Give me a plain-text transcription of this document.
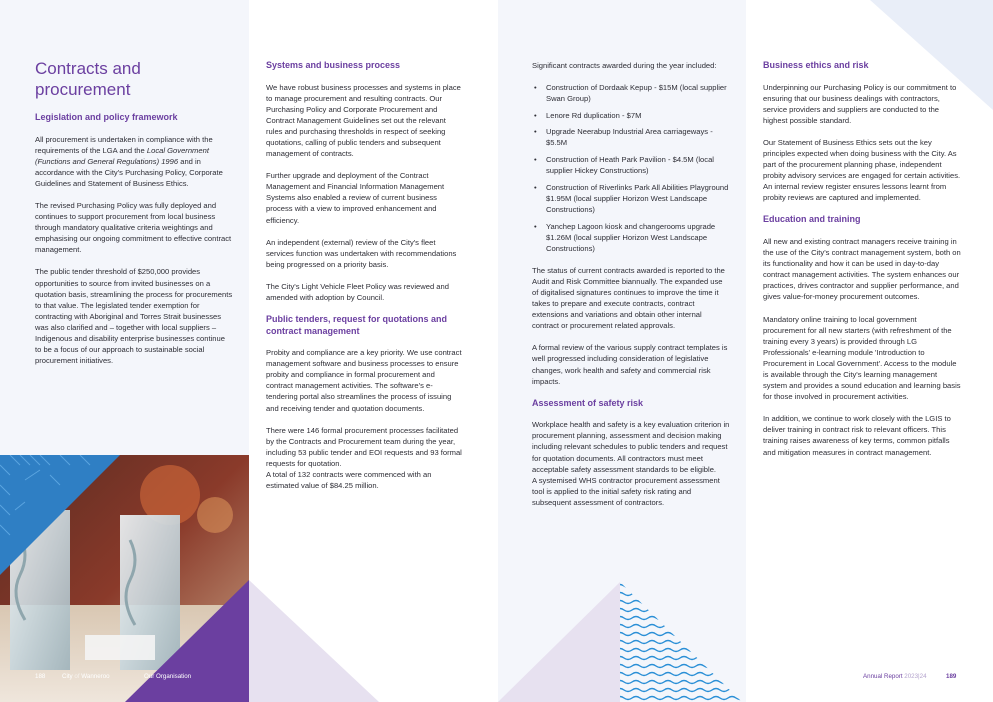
Contracts and procurement
Legislation and policy framework

All procurement is undertaken in compliance with the requirements of the LGA and the Local Government (Functions and General Regulations) 1996 and in accordance with the City's Purchasing Policy, Corporate Guidelines and Statement of Business Ethics.

The revised Purchasing Policy was fully deployed and continues to support procurement from local business through mandatory qualitative criteria weightings and emphasising our ongoing commitment to effective contract management.

The public tender threshold of $250,000 provides opportunities to source from invited businesses on a quotation basis, streamlining the process for procurements to that value. The legislated tender exemption for contracting with Aboriginal and Torres Strait businesses was also clarified and – together with local suppliers – Indigenous and disability enterprise businesses continue to be a focus of our approach to sustainable social procurement initiatives.

Systems and business process

We have robust business processes and systems in place to manage procurement and resulting contracts. Our Purchasing Policy and Corporate Procurement and Contract Management Guidelines set out the relevant rules and purchasing thresholds in respect of seeking quotations, calling of public tenders and subsequent management of contracts.

Further upgrade and deployment of the Contract Management and Financial Information Management Systems also enabled a review of current business process with a view to improved enhancement and efficiency.

An independent (external) review of the City's fleet services function was undertaken with recommendations being progressed on a priority basis.

The City's Light Vehicle Fleet Policy was reviewed and amended with adoption by Council.

Public tenders, request for quotations and contract management

Probity and compliance are a key priority. We use contract management software and business processes to ensure probity and compliance in formal procurement and contract management activities. The software's e-tendering portal also streamlines the process of issuing and receiving tender and quotation documents.

There were 146 formal procurement processes facilitated by the Contracts and Procurement team during the year, including 53 public tender and EOI requests and 93 formal requests for quotation.

A total of 132 contracts were commenced with an estimated value of $84.25 million.

Significant contracts awarded during the year included:

• Construction of Dordaak Kepup - $15M (local supplier Swan Group)
• Lenore Rd duplication - $7M
• Upgrade Neerabup Industrial Area carriageways - $5.5M
• Construction of Heath Park Pavilion - $4.5M (local supplier Hickey Constructions)
• Construction of Riverlinks Park All Abilities Playground $1.95M (local supplier Horizon West Landscape Constructions)
• Yanchep Lagoon kiosk and changerooms upgrade $1.26M (local supplier Horizon West Landscape Constructions)

The status of current contracts awarded is reported to the Audit and Risk Committee biannually. The expanded use of digitalised signatures continues to improve the time it takes to prepare and execute contracts, contract extensions and variations and obtain other internal contract or procurement related approvals.

A formal review of the various supply contract templates is well progressed including consideration of legislative changes, work health and safety and commercial risk impacts.

Assessment of safety risk

Workplace health and safety is a key evaluation criterion in procurement planning, assessment and decision making including relevant schedules to public tenders and request for quotation documents. All contractors must meet acceptable safety assessment standards to be eligible.

A systemised WHS contractor procurement assessment tool is applied to the initial safety risk rating and subsequent assessment of contractors.

Business ethics and risk

Underpinning our Purchasing Policy is our commitment to ensuring that our business dealings with contractors, service providers and suppliers are conducted to the highest possible standard.

Our Statement of Business Ethics sets out the key principles expected when doing business with the City. As part of the procurement planning phase, independent probity advisory services are engaged for certain activities. An internal review register ensures lessons learnt from probity reviews are captured and implemented.

Education and training

All new and existing contract managers receive training in the use of the City's contract management system, both on its functionality and how it can be used in day-to-day contract management activities. The system enhances our practices, drives contractor and supplier performance, and gives value-for-money procurement outcomes.

Mandatory online training to local government procurement for all new starters (with refreshment of the training every 3 years) is provided through LG Professionals' e-learning module 'Introduction to Procurement in Local Government'. Access to the module is available through the City's learning management system and provides a sound education and learning basis for those involved in procurement activities.

In addition, we continue to work closely with the LGIS to deliver training in contract risk to relevant officers. This training raises awareness of key terms, common pitfalls and mitigation measures in contract management.

188	City of Wanneroo	Our Organisation	Annual Report 2023|24	189
